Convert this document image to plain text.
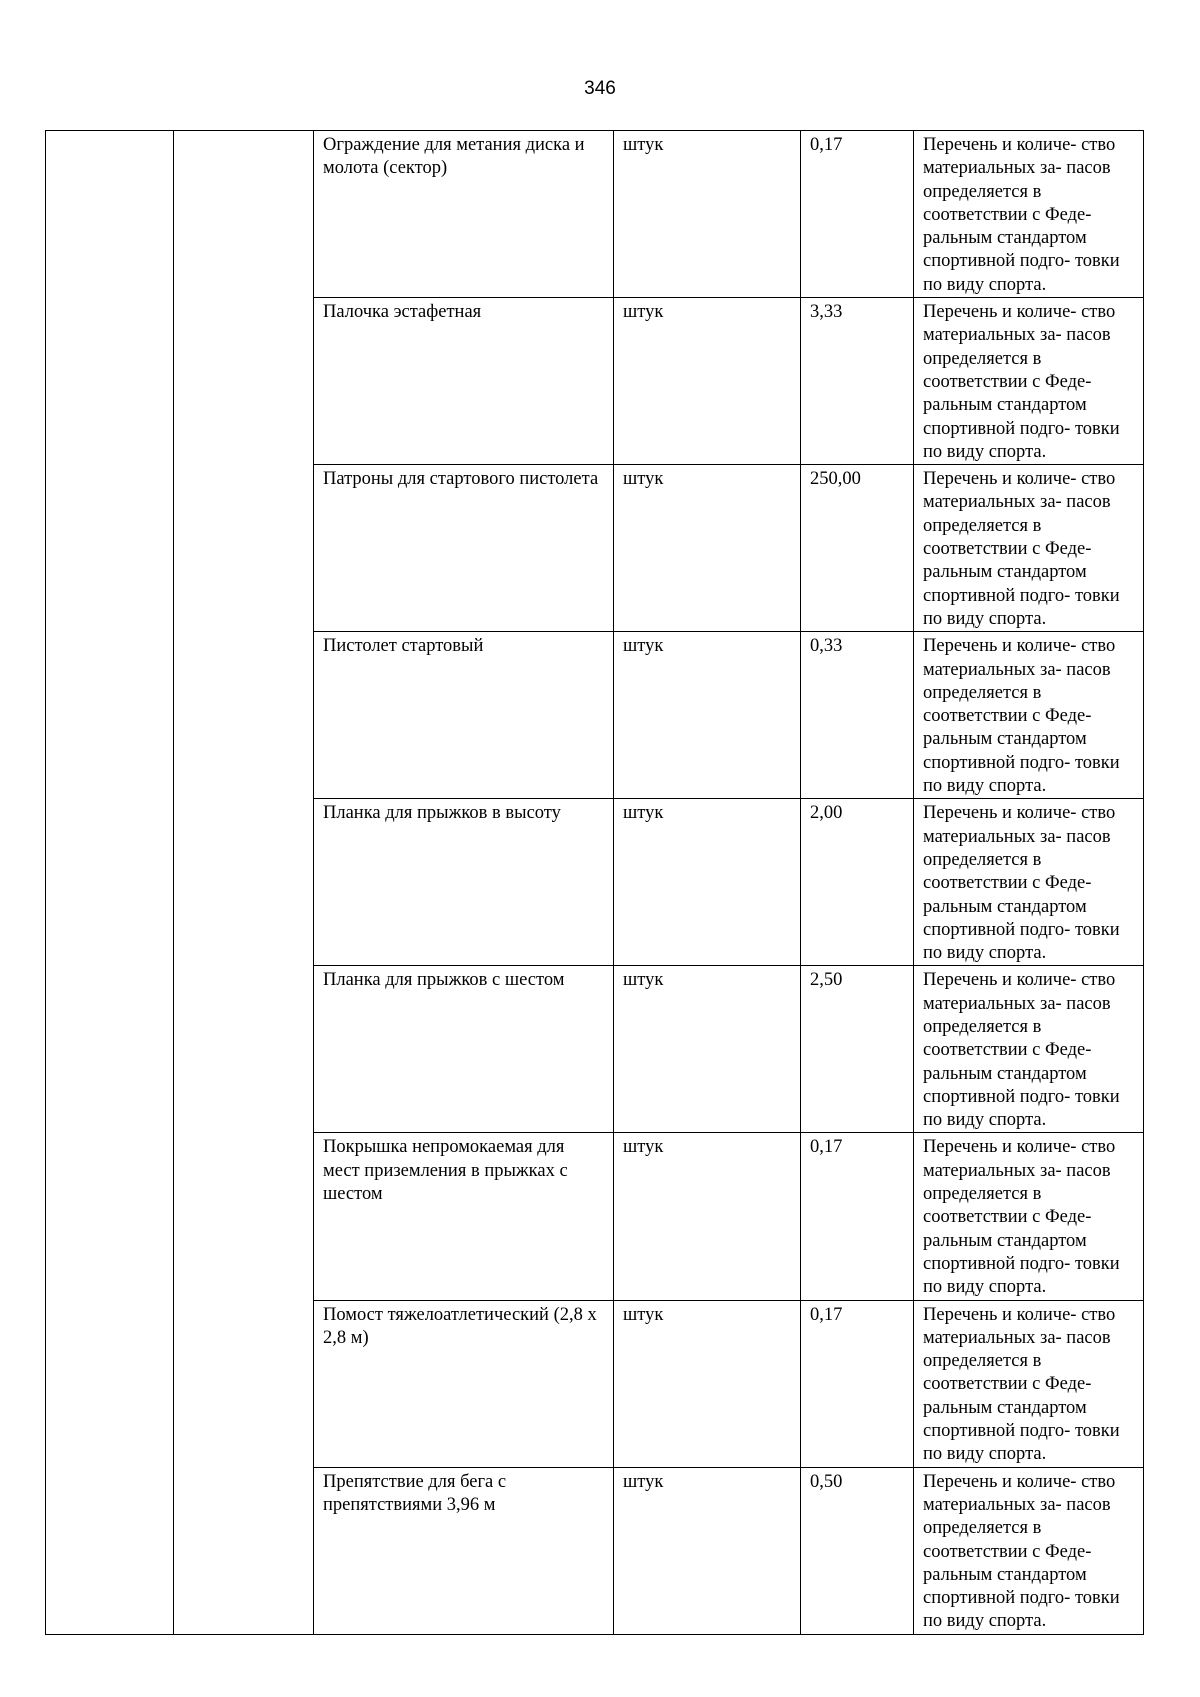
346
		Ограждение для метания диска и молота (сектор)	штук	0,17	Перечень и количе- ство материальных за- пасов определяется в соответствии с Феде- ральным стандартом спортивной подго- товки по виду спорта.
		Палочка эстафетная	штук	3,33	Перечень и количе- ство материальных за- пасов определяется в соответствии с Феде- ральным стандартом спортивной подго- товки по виду спорта.
		Патроны для стартового пистолета	штук	250,00	Перечень и количе- ство материальных за- пасов определяется в соответствии с Феде- ральным стандартом спортивной подго- товки по виду спорта.
		Пистолет стартовый	штук	0,33	Перечень и количе- ство материальных за- пасов определяется в соответствии с Феде- ральным стандартом спортивной подго- товки по виду спорта.
		Планка для прыжков в высоту	штук	2,00	Перечень и количе- ство материальных за- пасов определяется в соответствии с Феде- ральным стандартом спортивной подго- товки по виду спорта.
		Планка для прыжков с шестом	штук	2,50	Перечень и количе- ство материальных за- пасов определяется в соответствии с Феде- ральным стандартом спортивной подго- товки по виду спорта.
		Покрышка непромокаемая для мест приземления в прыжках с шестом	штук	0,17	Перечень и количе- ство материальных за- пасов определяется в соответствии с Феде- ральным стандартом спортивной подго- товки по виду спорта.
		Помост тяжелоатлетический (2,8 х 2,8 м)	штук	0,17	Перечень и количе- ство материальных за- пасов определяется в соответствии с Феде- ральным стандартом спортивной подго- товки по виду спорта.
		Препятствие для бега с препятствиями 3,96 м	штук	0,50	Перечень и количе- ство материальных за- пасов определяется в соответствии с Феде- ральным стандартом спортивной подго- товки по виду спорта.
